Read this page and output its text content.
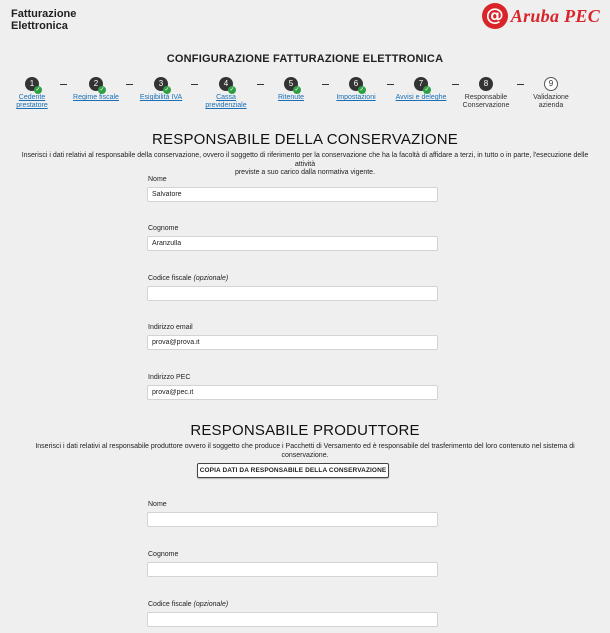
Fatturazione
Elettronica
@
Aruba PEC
CONFIGURAZIONE FATTURAZIONE ELETTRONICA
1
✓
Cedente
prestatore
2
✓
Regime fiscale
3
✓
Esigibilità IVA
4
✓
Cassa
previdenziale
5
✓
Ritenute
6
✓
Impostazioni
7
✓
Avvisi e deleghe
8
Responsabile
Conservazione
9
Validazione
azienda
RESPONSABILE DELLA CONSERVAZIONE
Inserisci i dati relativi al responsabile della conservazione, ovvero il soggetto di riferimento per la conservazione che ha la facoltà di affidare a terzi, in tutto o in parte, l'esecuzione delle attività
previste a suo carico dalla normativa vigente.
Nome
Salvatore
Cognome
Aranzulla
Codice fiscale (opzionale)
Indirizzo email
prova@prova.it
Indirizzo PEC
prova@pec.it
RESPONSABILE PRODUTTORE
Inserisci i dati relativi al responsabile produttore ovvero il soggetto che produce i Pacchetti di Versamento ed è responsabile del trasferimento del loro contenuto nel sistema di conservazione.
COPIA DATI DA RESPONSABILE DELLA CONSERVAZIONE
Nome
Cognome
Codice fiscale (opzionale)
